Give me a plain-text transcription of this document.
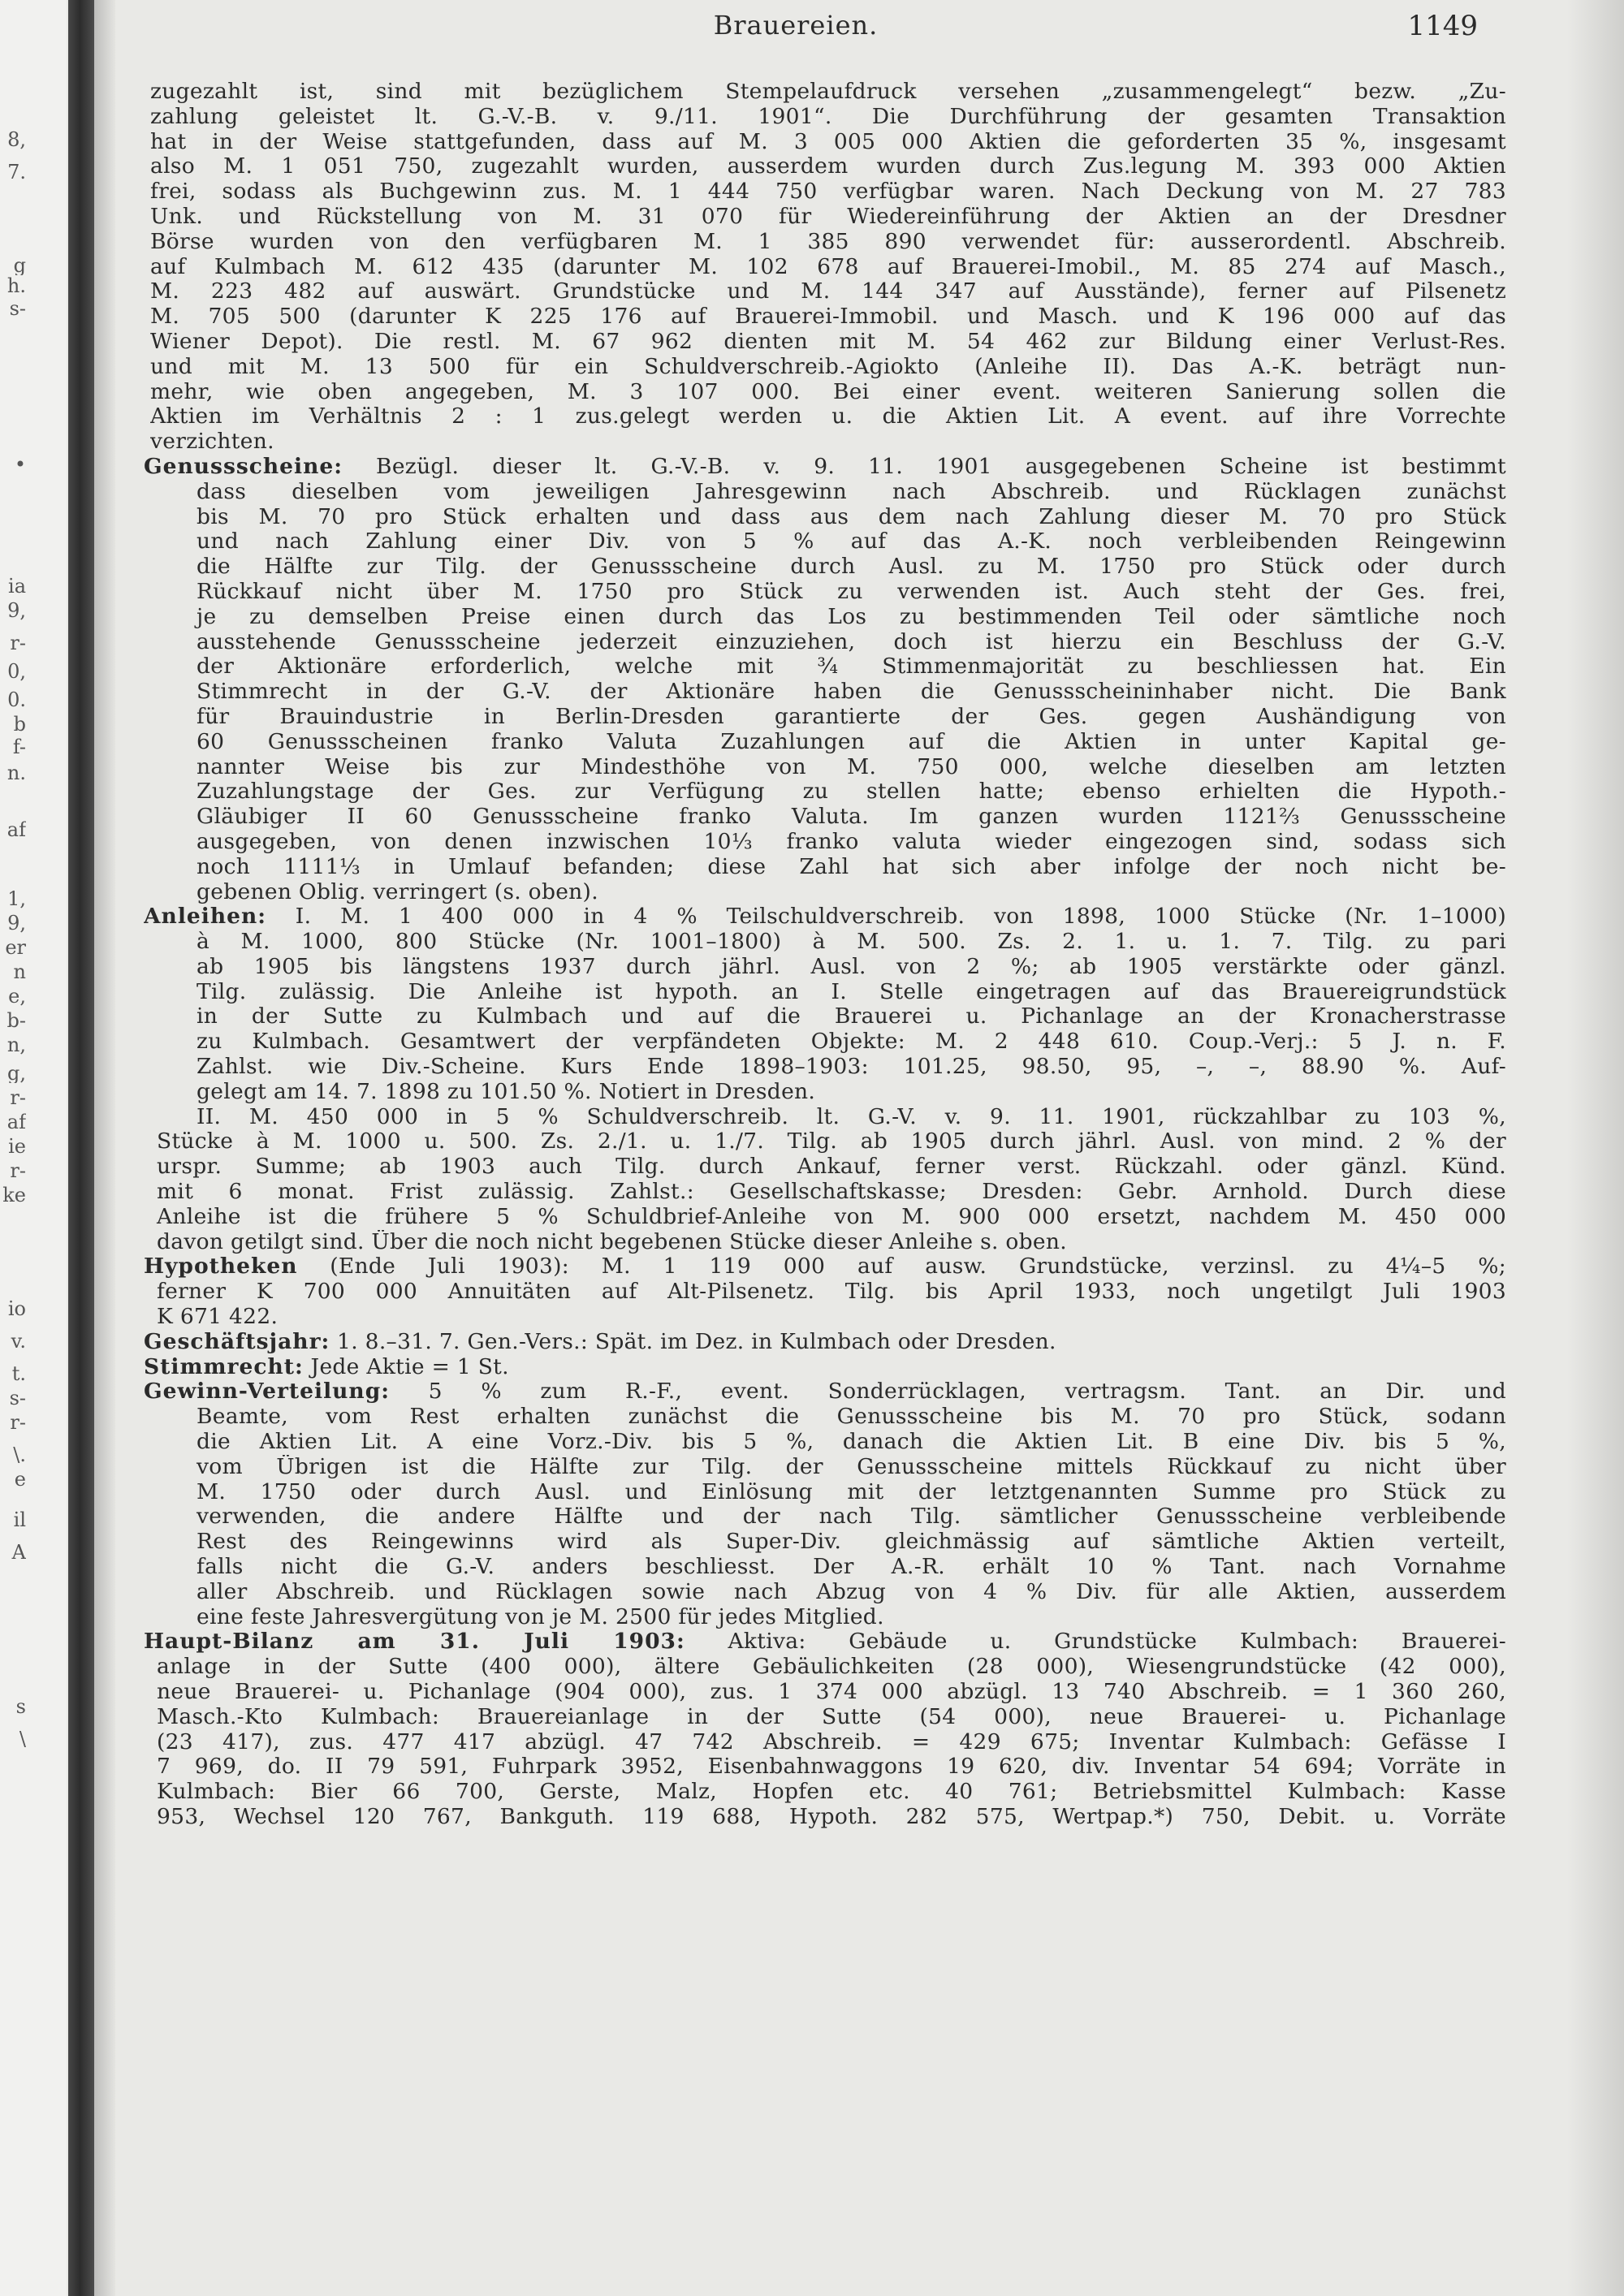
8,
7.
g
h.
s-
•
ia
9,
r-
0,
0.
b
f-
n.
af
1,
9,
er
n
e,
b-
n,
g,
r-
af
ie
r-
ke
io
v.
t.
s-
r-
\.
e
il
A
s
\
Brauereien.	1149
zugezahlt ist, sind mit bezüglichem Stempelaufdruck versehen „zusammengelegt“ bezw. „Zu-
zahlung geleistet lt. G.-V.-B. v. 9./11. 1901“. Die Durchführung der gesamten Transaktion
hat in der Weise stattgefunden, dass auf M. 3 005 000 Aktien die geforderten 35 %, insgesamt
also M. 1 051 750, zugezahlt wurden, ausserdem wurden durch Zus.legung M. 393 000 Aktien
frei, sodass als Buchgewinn zus. M. 1 444 750 verfügbar waren. Nach Deckung von M. 27 783
Unk. und Rückstellung von M. 31 070 für Wiedereinführung der Aktien an der Dresdner
Börse wurden von den verfügbaren M. 1 385 890 verwendet für: ausserordentl. Abschreib.
auf Kulmbach M. 612 435 (darunter M. 102 678 auf Brauerei-Imobil., M. 85 274 auf Masch.,
M. 223 482 auf auswärt. Grundstücke und M. 144 347 auf Ausstände), ferner auf Pilsenetz
M. 705 500 (darunter K 225 176 auf Brauerei-Immobil. und Masch. und K 196 000 auf das
Wiener Depot). Die restl. M. 67 962 dienten mit M. 54 462 zur Bildung einer Verlust-Res.
und mit M. 13 500 für ein Schuldverschreib.-Agiokto (Anleihe II). Das A.-K. beträgt nun-
mehr, wie oben angegeben, M. 3 107 000. Bei einer event. weiteren Sanierung sollen die
Aktien im Verhältnis 2 : 1 zus.gelegt werden u. die Aktien Lit. A event. auf ihre Vorrechte
verzichten.
Genussscheine: Bezügl. dieser lt. G.-V.-B. v. 9. 11. 1901 ausgegebenen Scheine ist bestimmt
dass dieselben vom jeweiligen Jahresgewinn nach Abschreib. und Rücklagen zunächst
bis M. 70 pro Stück erhalten und dass aus dem nach Zahlung dieser M. 70 pro Stück
und nach Zahlung einer Div. von 5 % auf das A.-K. noch verbleibenden Reingewinn
die Hälfte zur Tilg. der Genussscheine durch Ausl. zu M. 1750 pro Stück oder durch
Rückkauf nicht über M. 1750 pro Stück zu verwenden ist. Auch steht der Ges. frei,
je zu demselben Preise einen durch das Los zu bestimmenden Teil oder sämtliche noch
ausstehende Genussscheine jederzeit einzuziehen, doch ist hierzu ein Beschluss der G.-V.
der Aktionäre erforderlich, welche mit ¾ Stimmenmajorität zu beschliessen hat. Ein
Stimmrecht in der G.-V. der Aktionäre haben die Genussscheininhaber nicht. Die Bank
für Brauindustrie in Berlin-Dresden garantierte der Ges. gegen Aushändigung von
60 Genussscheinen franko Valuta Zuzahlungen auf die Aktien in unter Kapital ge-
nannter Weise bis zur Mindesthöhe von M. 750 000, welche dieselben am letzten
Zuzahlungstage der Ges. zur Verfügung zu stellen hatte; ebenso erhielten die Hypoth.-
Gläubiger II 60 Genussscheine franko Valuta. Im ganzen wurden 1121⅔ Genussscheine
ausgegeben, von denen inzwischen 10⅓ franko valuta wieder eingezogen sind, sodass sich
noch 1111⅓ in Umlauf befanden; diese Zahl hat sich aber infolge der noch nicht be-
gebenen Oblig. verringert (s. oben).
Anleihen: I. M. 1 400 000 in 4 % Teilschuldverschreib. von 1898, 1000 Stücke (Nr. 1–1000)
à M. 1000, 800 Stücke (Nr. 1001–1800) à M. 500. Zs. 2. 1. u. 1. 7. Tilg. zu pari
ab 1905 bis längstens 1937 durch jährl. Ausl. von 2 %; ab 1905 verstärkte oder gänzl.
Tilg. zulässig. Die Anleihe ist hypoth. an I. Stelle eingetragen auf das Brauereigrundstück
in der Sutte zu Kulmbach und auf die Brauerei u. Pichanlage an der Kronacherstrasse
zu Kulmbach. Gesamtwert der verpfändeten Objekte: M. 2 448 610. Coup.-Verj.: 5 J. n. F.
Zahlst. wie Div.-Scheine. Kurs Ende 1898–1903: 101.25, 98.50, 95, –, –, 88.90 %. Auf-
gelegt am 14. 7. 1898 zu 101.50 %. Notiert in Dresden.
II. M. 450 000 in 5 % Schuldverschreib. lt. G.-V. v. 9. 11. 1901, rückzahlbar zu 103 %,
Stücke à M. 1000 u. 500. Zs. 2./1. u. 1./7. Tilg. ab 1905 durch jährl. Ausl. von mind. 2 % der
urspr. Summe; ab 1903 auch Tilg. durch Ankauf, ferner verst. Rückzahl. oder gänzl. Künd.
mit 6 monat. Frist zulässig. Zahlst.: Gesellschaftskasse; Dresden: Gebr. Arnhold. Durch diese
Anleihe ist die frühere 5 % Schuldbrief-Anleihe von M. 900 000 ersetzt, nachdem M. 450 000
davon getilgt sind. Über die noch nicht begebenen Stücke dieser Anleihe s. oben.
Hypotheken (Ende Juli 1903): M. 1 119 000 auf ausw. Grundstücke, verzinsl. zu 4¼–5 %;
ferner K 700 000 Annuitäten auf Alt-Pilsenetz. Tilg. bis April 1933, noch ungetilgt Juli 1903
K 671 422.
Geschäftsjahr: 1. 8.–31. 7. Gen.-Vers.: Spät. im Dez. in Kulmbach oder Dresden.
Stimmrecht: Jede Aktie = 1 St.
Gewinn-Verteilung: 5 % zum R.-F., event. Sonderrücklagen, vertragsm. Tant. an Dir. und
Beamte, vom Rest erhalten zunächst die Genussscheine bis M. 70 pro Stück, sodann
die Aktien Lit. A eine Vorz.-Div. bis 5 %, danach die Aktien Lit. B eine Div. bis 5 %,
vom Übrigen ist die Hälfte zur Tilg. der Genussscheine mittels Rückkauf zu nicht über
M. 1750 oder durch Ausl. und Einlösung mit der letztgenannten Summe pro Stück zu
verwenden, die andere Hälfte und der nach Tilg. sämtlicher Genussscheine verbleibende
Rest des Reingewinns wird als Super-Div. gleichmässig auf sämtliche Aktien verteilt,
falls nicht die G.-V. anders beschliesst. Der A.-R. erhält 10 % Tant. nach Vornahme
aller Abschreib. und Rücklagen sowie nach Abzug von 4 % Div. für alle Aktien, ausserdem
eine feste Jahresvergütung von je M. 2500 für jedes Mitglied.
Haupt-Bilanz am 31. Juli 1903: Aktiva: Gebäude u. Grundstücke Kulmbach: Brauerei-
anlage in der Sutte (400 000), ältere Gebäulichkeiten (28 000), Wiesengrundstücke (42 000),
neue Brauerei- u. Pichanlage (904 000), zus. 1 374 000 abzügl. 13 740 Abschreib. = 1 360 260,
Masch.-Kto Kulmbach: Brauereianlage in der Sutte (54 000), neue Brauerei- u. Pichanlage
(23 417), zus. 477 417 abzügl. 47 742 Abschreib. = 429 675; Inventar Kulmbach: Gefässe I
7 969, do. II 79 591, Fuhrpark 3952, Eisenbahnwaggons 19 620, div. Inventar 54 694; Vorräte in
Kulmbach: Bier 66 700, Gerste, Malz, Hopfen etc. 40 761; Betriebsmittel Kulmbach: Kasse
953, Wechsel 120 767, Bankguth. 119 688, Hypoth. 282 575, Wertpap.*) 750, Debit. u. Vorräte
